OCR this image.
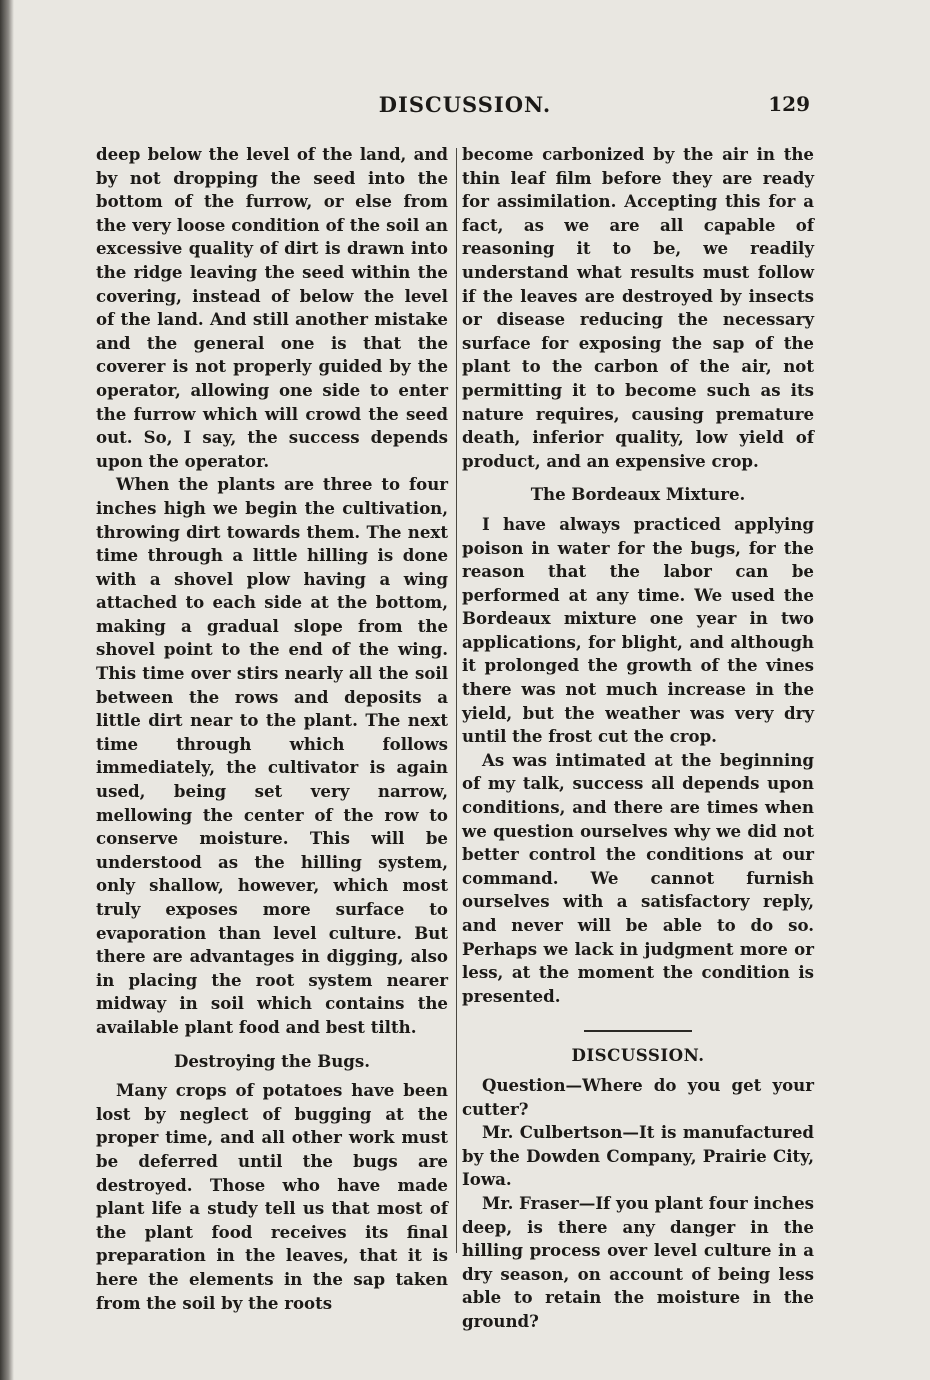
DISCUSSION.	129

deep below the level of the land, and by not dropping the seed into the bottom of the furrow, or else from the very loose condition of the soil an excessive quality of dirt is drawn into the ridge leaving the seed within the covering, instead of below the level of the land. And still another mistake and the general one is that the coverer is not properly guided by the operator, allowing one side to enter the furrow which will crowd the seed out. So, I say, the success depends upon the operator.

When the plants are three to four inches high we begin the cultivation, throwing dirt towards them. The next time through a little hilling is done with a shovel plow having a wing attached to each side at the bottom, making a gradual slope from the shovel point to the end of the wing. This time over stirs nearly all the soil between the rows and deposits a little dirt near to the plant. The next time through which follows immediately, the cultivator is again used, being set very narrow, mellowing the center of the row to conserve moisture. This will be understood as the hilling system, only shallow, however, which most truly exposes more surface to evaporation than level culture. But there are advantages in digging, also in placing the root system nearer midway in soil which contains the available plant food and best tilth.

Destroying the Bugs.

Many crops of potatoes have been lost by neglect of bugging at the proper time, and all other work must be deferred until the bugs are destroyed. Those who have made plant life a study tell us that most of the plant food receives its final preparation in the leaves, that it is here the elements in the sap taken from the soil by the roots

become carbonized by the air in the thin leaf film before they are ready for assimilation. Accepting this for a fact, as we are all capable of reasoning it to be, we readily understand what results must follow if the leaves are destroyed by insects or disease reducing the necessary surface for exposing the sap of the plant to the carbon of the air, not permitting it to become such as its nature requires, causing premature death, inferior quality, low yield of product, and an expensive crop.

The Bordeaux Mixture.

I have always practiced applying poison in water for the bugs, for the reason that the labor can be performed at any time. We used the Bordeaux mixture one year in two applications, for blight, and although it prolonged the growth of the vines there was not much increase in the yield, but the weather was very dry until the frost cut the crop.

As was intimated at the beginning of my talk, success all depends upon conditions, and there are times when we question ourselves why we did not better control the conditions at our command. We cannot furnish ourselves with a satisfactory reply, and never will be able to do so. Perhaps we lack in judgment more or less, at the moment the condition is presented.

DISCUSSION.

Question—Where do you get your cutter?

Mr. Culbertson—It is manufactured by the Dowden Company, Prairie City, Iowa.

Mr. Fraser—If you plant four inches deep, is there any danger in the hilling process over level culture in a dry season, on account of being less able to retain the moisture in the ground?
